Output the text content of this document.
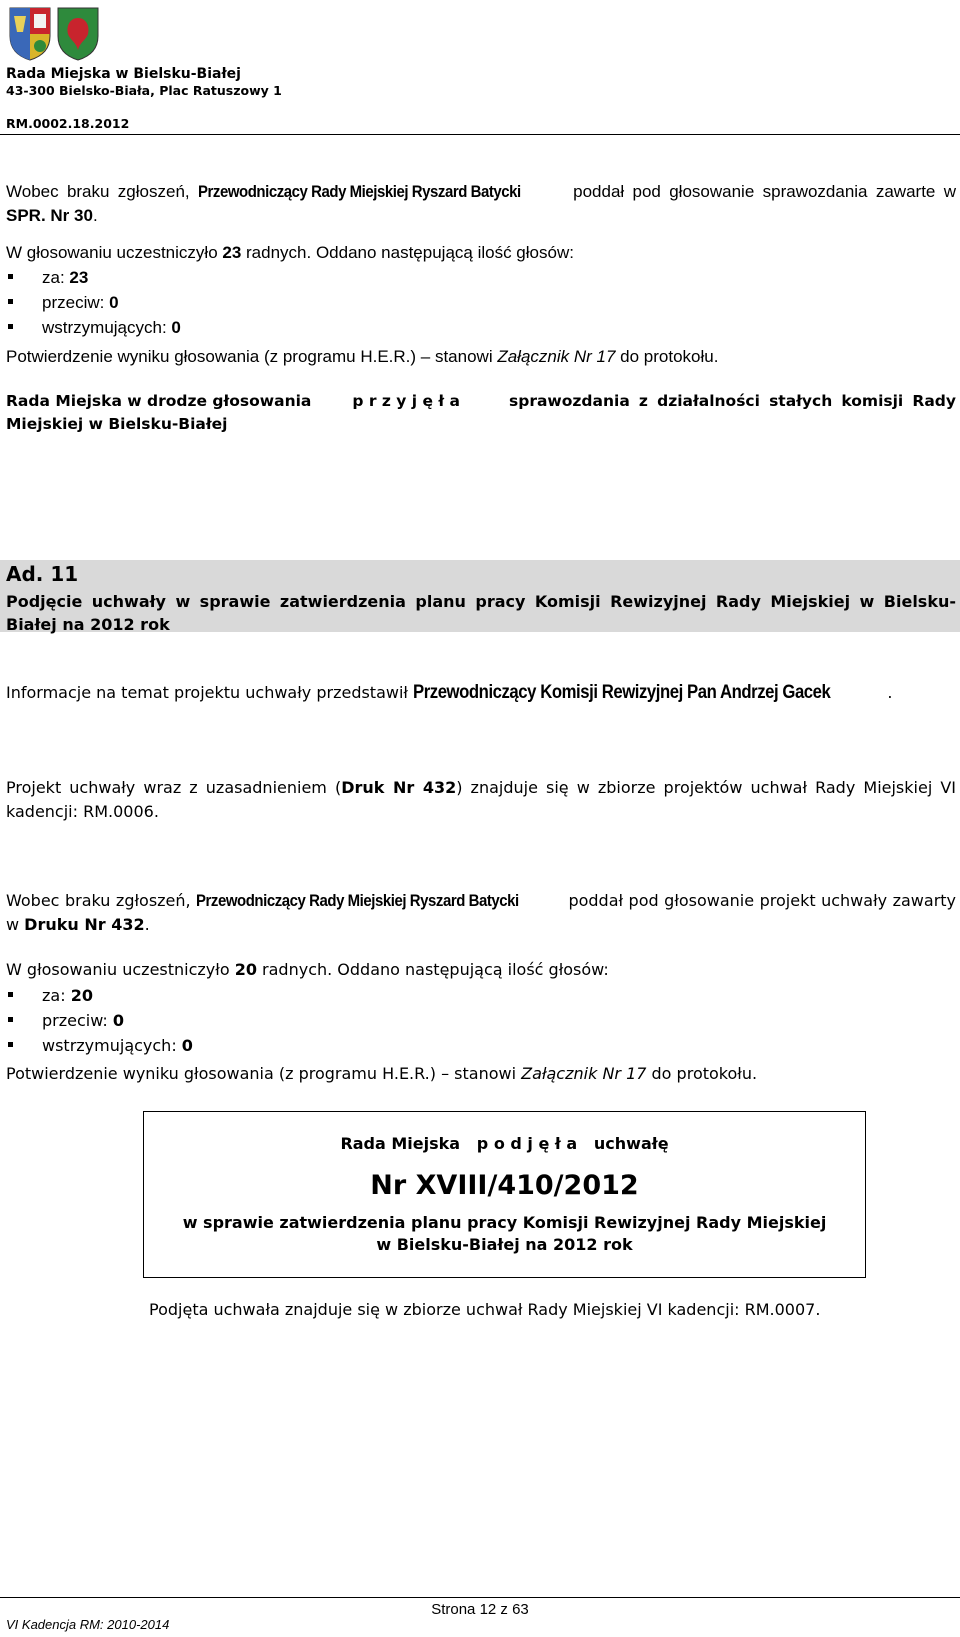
Rada Miejska w Bielsku-Białej
43-300 Bielsko-Biała, Plac Ratuszowy 1
RM.0002.18.2012
Wobec braku zgłoszeń, Przewodniczący Rady Miejskiej Ryszard Batycki	poddał pod głosowanie sprawozdania zawarte w SPR. Nr 30.
W głosowaniu uczestniczyło 23 radnych. Oddano następującą ilość głosów:
za: 23
przeciw: 0
wstrzymujących: 0
Potwierdzenie wyniku głosowania (z programu H.E.R.) – stanowi Załącznik Nr 17 do protokołu.
Rada Miejska w drodze głosowania	p r z y j ę ł a	sprawozdania z działalności stałych komisji Rady Miejskiej w Bielsku-Białej
Ad. 11
Podjęcie uchwały w sprawie zatwierdzenia planu pracy Komisji Rewizyjnej Rady Miejskiej w Bielsku-Białej na 2012 rok
Informacje na temat projektu uchwały przedstawił Przewodniczący Komisji Rewizyjnej Pan Andrzej Gacek	.
Projekt uchwały wraz z uzasadnieniem (Druk Nr 432) znajduje się w zbiorze projektów uchwał Rady Miejskiej VI kadencji: RM.0006.
Wobec braku zgłoszeń, Przewodniczący Rady Miejskiej Ryszard Batycki	poddał pod głosowanie projekt uchwały zawarty w Druku Nr 432.
W głosowaniu uczestniczyło 20 radnych. Oddano następującą ilość głosów:
za: 20
przeciw: 0
wstrzymujących: 0
Potwierdzenie wyniku głosowania (z programu H.E.R.) – stanowi Załącznik Nr 17 do protokołu.
Rada Miejska p o d j ę ł a uchwałę
Nr XVIII/410/2012
w sprawie zatwierdzenia planu pracy Komisji Rewizyjnej Rady Miejskiej
w Bielsku-Białej na 2012 rok
Podjęta uchwała znajduje się w zbiorze uchwał Rady Miejskiej VI kadencji: RM.0007.
Strona 12 z 63
VI Kadencja RM: 2010-2014
